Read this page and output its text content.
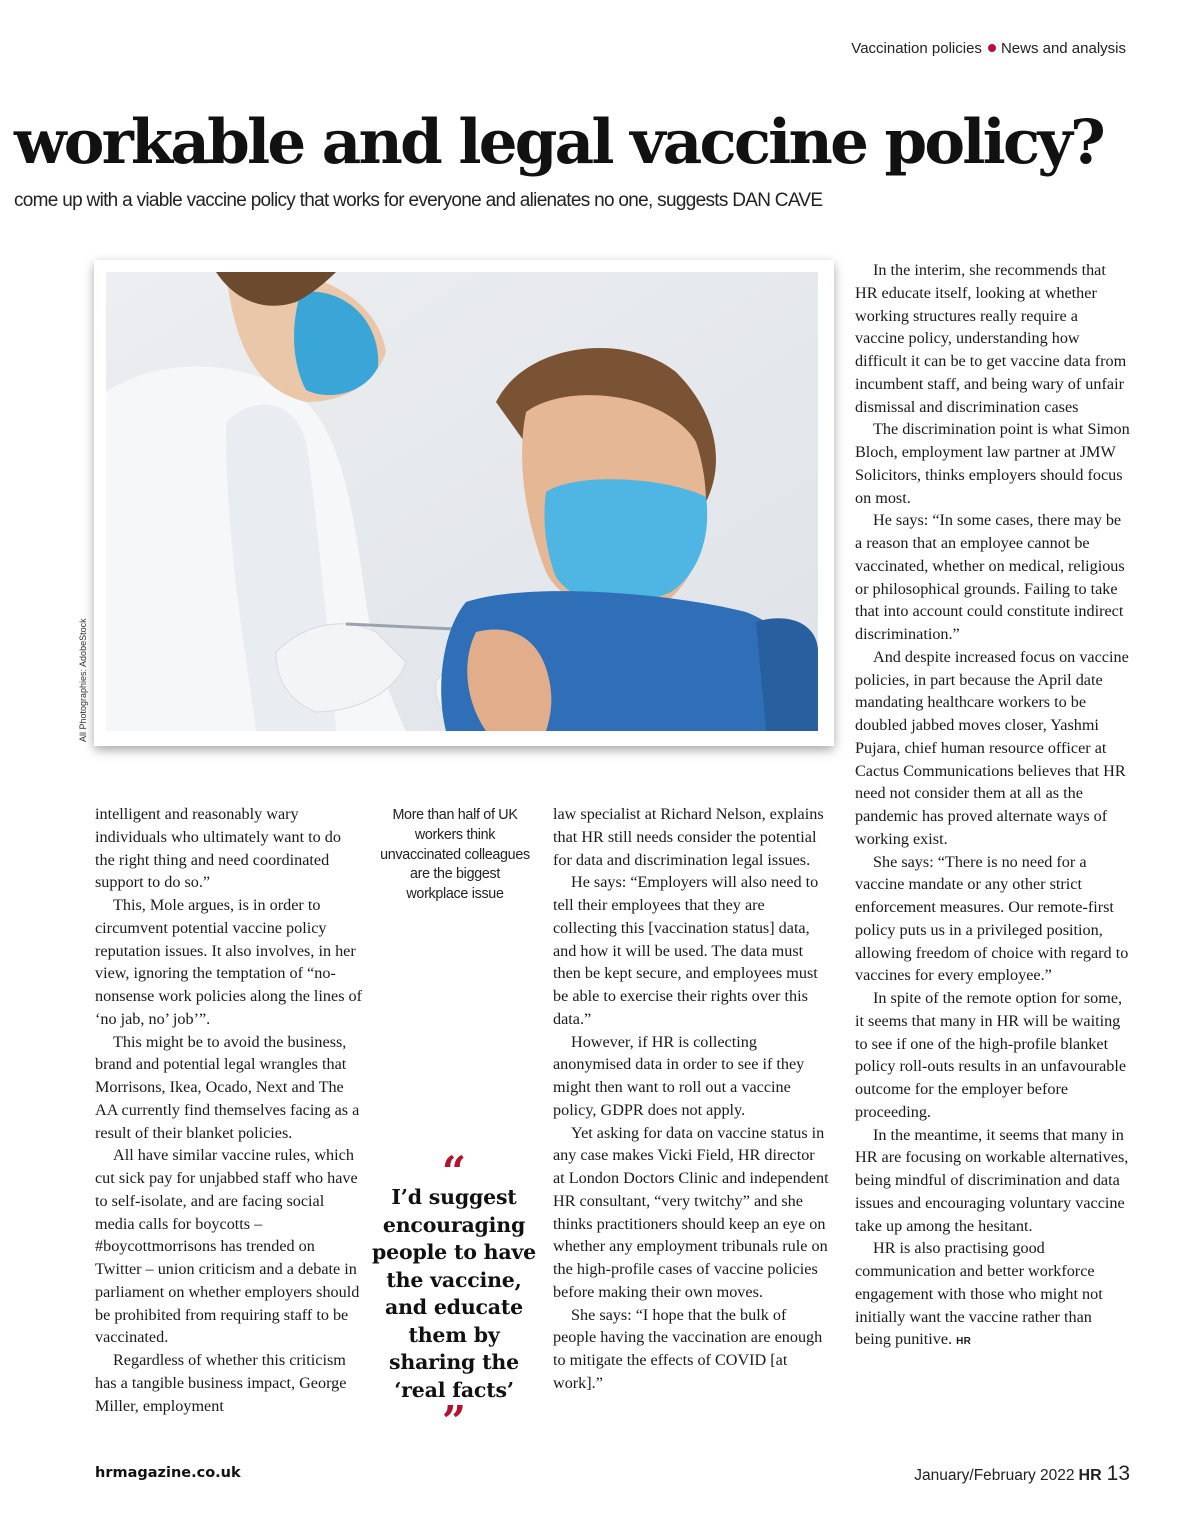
Vaccination policies News and analysis
workable and legal vaccine policy?
come up with a viable vaccine policy that works for everyone and alienates no one, suggests DAN CAVE
All Photographies: AdobeStock

intelligent and reasonably wary individuals who ultimately want to do the right thing and need coordinated support to do so.”

This, Mole argues, is in order to circumvent potential vaccine policy reputation issues. It also involves, in her view, ignoring the temptation of “no-nonsense work policies along the lines of ‘no jab, no’ job’”.

This might be to avoid the business, brand and potential legal wrangles that Morrisons, Ikea, Ocado, Next and The AA currently find themselves facing as a result of their blanket policies.

All have similar vaccine rules, which cut sick pay for unjabbed staff who have to self-isolate, and are facing social media calls for boycotts – #boycottmorrisons has trended on Twitter – union criticism and a debate in parliament on whether employers should be prohibited from requiring staff to be vaccinated.

Regardless of whether this criticism has a tangible business impact, George Miller, employment

More than half of UK workers think unvaccinated colleagues are the biggest workplace issue
“
I’d suggest encouraging people to have the vaccine, and educate them by sharing the ‘real facts’
”

law specialist at Richard Nelson, explains that HR still needs consider the potential for data and discrimination legal issues.

He says: “Employers will also need to tell their employees that they are collecting this [vaccination status] data, and how it will be used. The data must then be kept secure, and employees must be able to exercise their rights over this data.”

However, if HR is collecting anonymised data in order to see if they might then want to roll out a vaccine policy, GDPR does not apply.

Yet asking for data on vaccine status in any case makes Vicki Field, HR director at London Doctors Clinic and independent HR consultant, “very twitchy” and she thinks practitioners should keep an eye on whether any employment tribunals rule on the high-profile cases of vaccine policies before making their own moves.

She says: “I hope that the bulk of people having the vaccination are enough to mitigate the effects of COVID [at work].”

In the interim, she recommends that HR educate itself, looking at whether working structures really require a vaccine policy, understanding how difficult it can be to get vaccine data from incumbent staff, and being wary of unfair dismissal and discrimination cases

The discrimination point is what Simon Bloch, employment law partner at JMW Solicitors, thinks employers should focus on most.

He says: “In some cases, there may be a reason that an employee cannot be vaccinated, whether on medical, religious or philosophical grounds. Failing to take that into account could constitute indirect discrimination.”

And despite increased focus on vaccine policies, in part because the April date mandating healthcare workers to be doubled jabbed moves closer, Yashmi Pujara, chief human resource officer at Cactus Communications believes that HR need not consider them at all as the pandemic has proved alternate ways of working exist.

She says: “There is no need for a vaccine mandate or any other strict enforcement measures. Our remote-first policy puts us in a privileged position, allowing freedom of choice with regard to vaccines for every employee.”

In spite of the remote option for some, it seems that many in HR will be waiting to see if one of the high-profile blanket policy roll-outs results in an unfavourable outcome for the employer before proceeding.

In the meantime, it seems that many in HR are focusing on workable alternatives, being mindful of discrimination and data issues and encouraging voluntary vaccine take up among the hesitant.

HR is also practising good communication and better workforce engagement with those who might not initially want the vaccine rather than being punitive. HR

hrmagazine.co.uk	January/February 2022 HR 13
